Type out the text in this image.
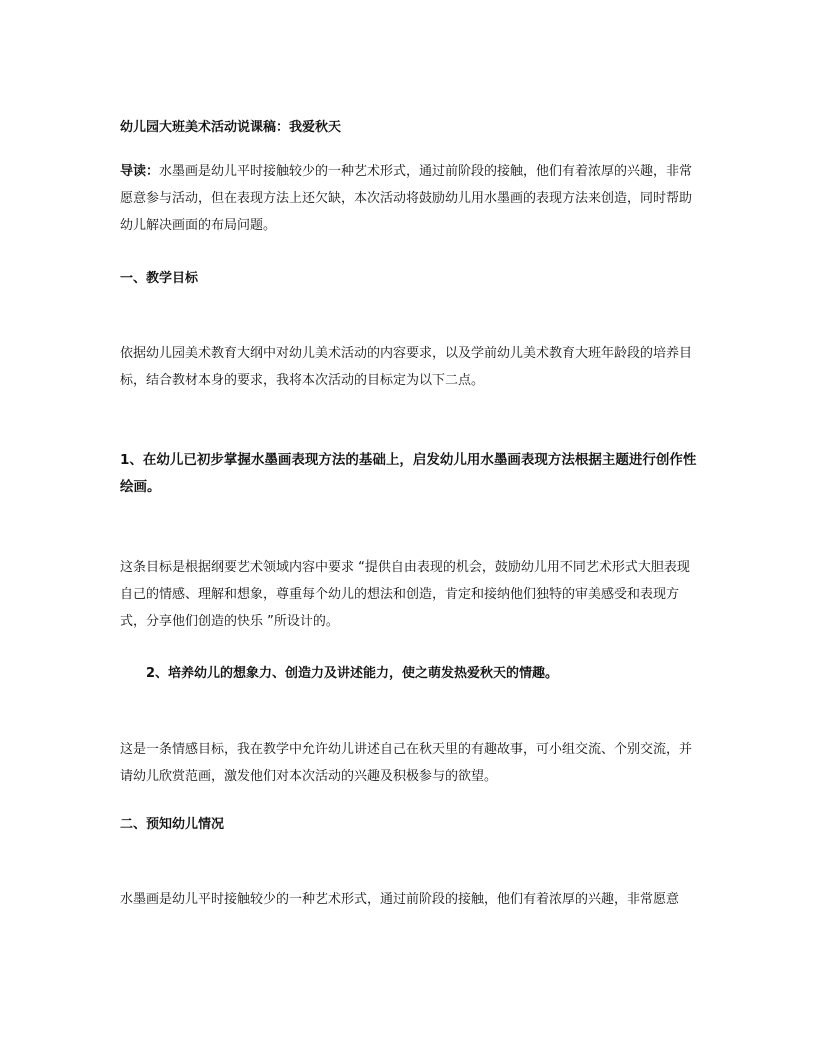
幼儿园大班美术活动说课稿：我爱秋天

导读：水墨画是幼儿平时接触较少的一种艺术形式，通过前阶段的接触，他们有着浓厚的兴趣，非常愿意参与活动，但在表现方法上还欠缺，本次活动将鼓励幼儿用水墨画的表现方法来创造，同时帮助幼儿解决画面的布局问题。

一、教学目标

依据幼儿园美术教育大纲中对幼儿美术活动的内容要求，以及学前幼儿美术教育大班年龄段的培养目标，结合教材本身的要求，我将本次活动的目标定为以下二点。

1、在幼儿已初步掌握水墨画表现方法的基础上，启发幼儿用水墨画表现方法根据主题进行创作性绘画。

这条目标是根据纲要艺术领域内容中要求 “提供自由表现的机会，鼓励幼儿用不同艺术形式大胆表现自己的情感、理解和想象，尊重每个幼儿的想法和创造，肯定和接纳他们独特的审美感受和表现方式，分享他们创造的快乐 ”所设计的。

2、培养幼儿的想象力、创造力及讲述能力，使之萌发热爱秋天的情趣。

这是一条情感目标，我在教学中允许幼儿讲述自己在秋天里的有趣故事，可小组交流、个别交流，并请幼儿欣赏范画，激发他们对本次活动的兴趣及积极参与的欲望。

二、预知幼儿情况

水墨画是幼儿平时接触较少的一种艺术形式，通过前阶段的接触，他们有着浓厚的兴趣，非常愿意
